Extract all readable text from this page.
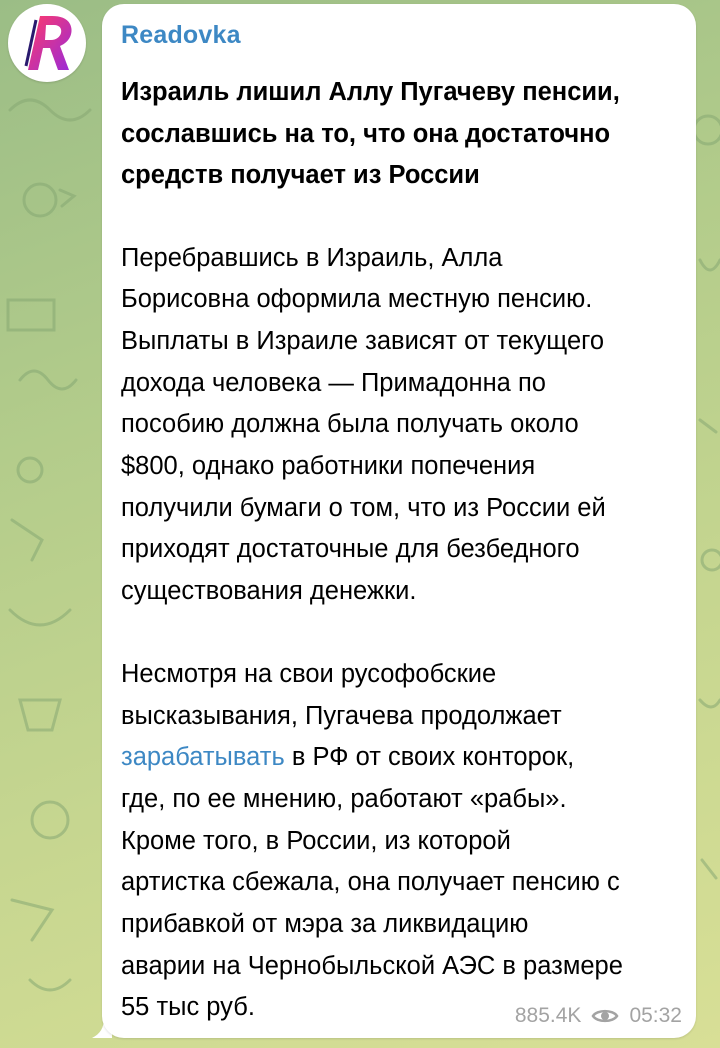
Readovka

Израиль лишил Аллу Пугачеву пенсии,
сославшись на то, что она достаточно
средств получает из России

Перебравшись в Израиль, Алла
Борисовна оформила местную пенсию.
Выплаты в Израиле зависят от текущего
дохода человека — Примадонна по
пособию должна была получать около
$800, однако работники попечения
получили бумаги о том, что из России ей
приходят достаточные для безбедного
существования денежки.

Несмотря на свои русофобские
высказывания, Пугачева продолжает
зарабатывать в РФ от своих конторок,
где, по ее мнению, работают «рабы».
Кроме того, в России, из которой
артистка сбежала, она получает пенсию с
прибавкой от мэра за ликвидацию
аварии на Чернобыльской АЭС в размере
55 тыс руб.	885.4K 05:32
